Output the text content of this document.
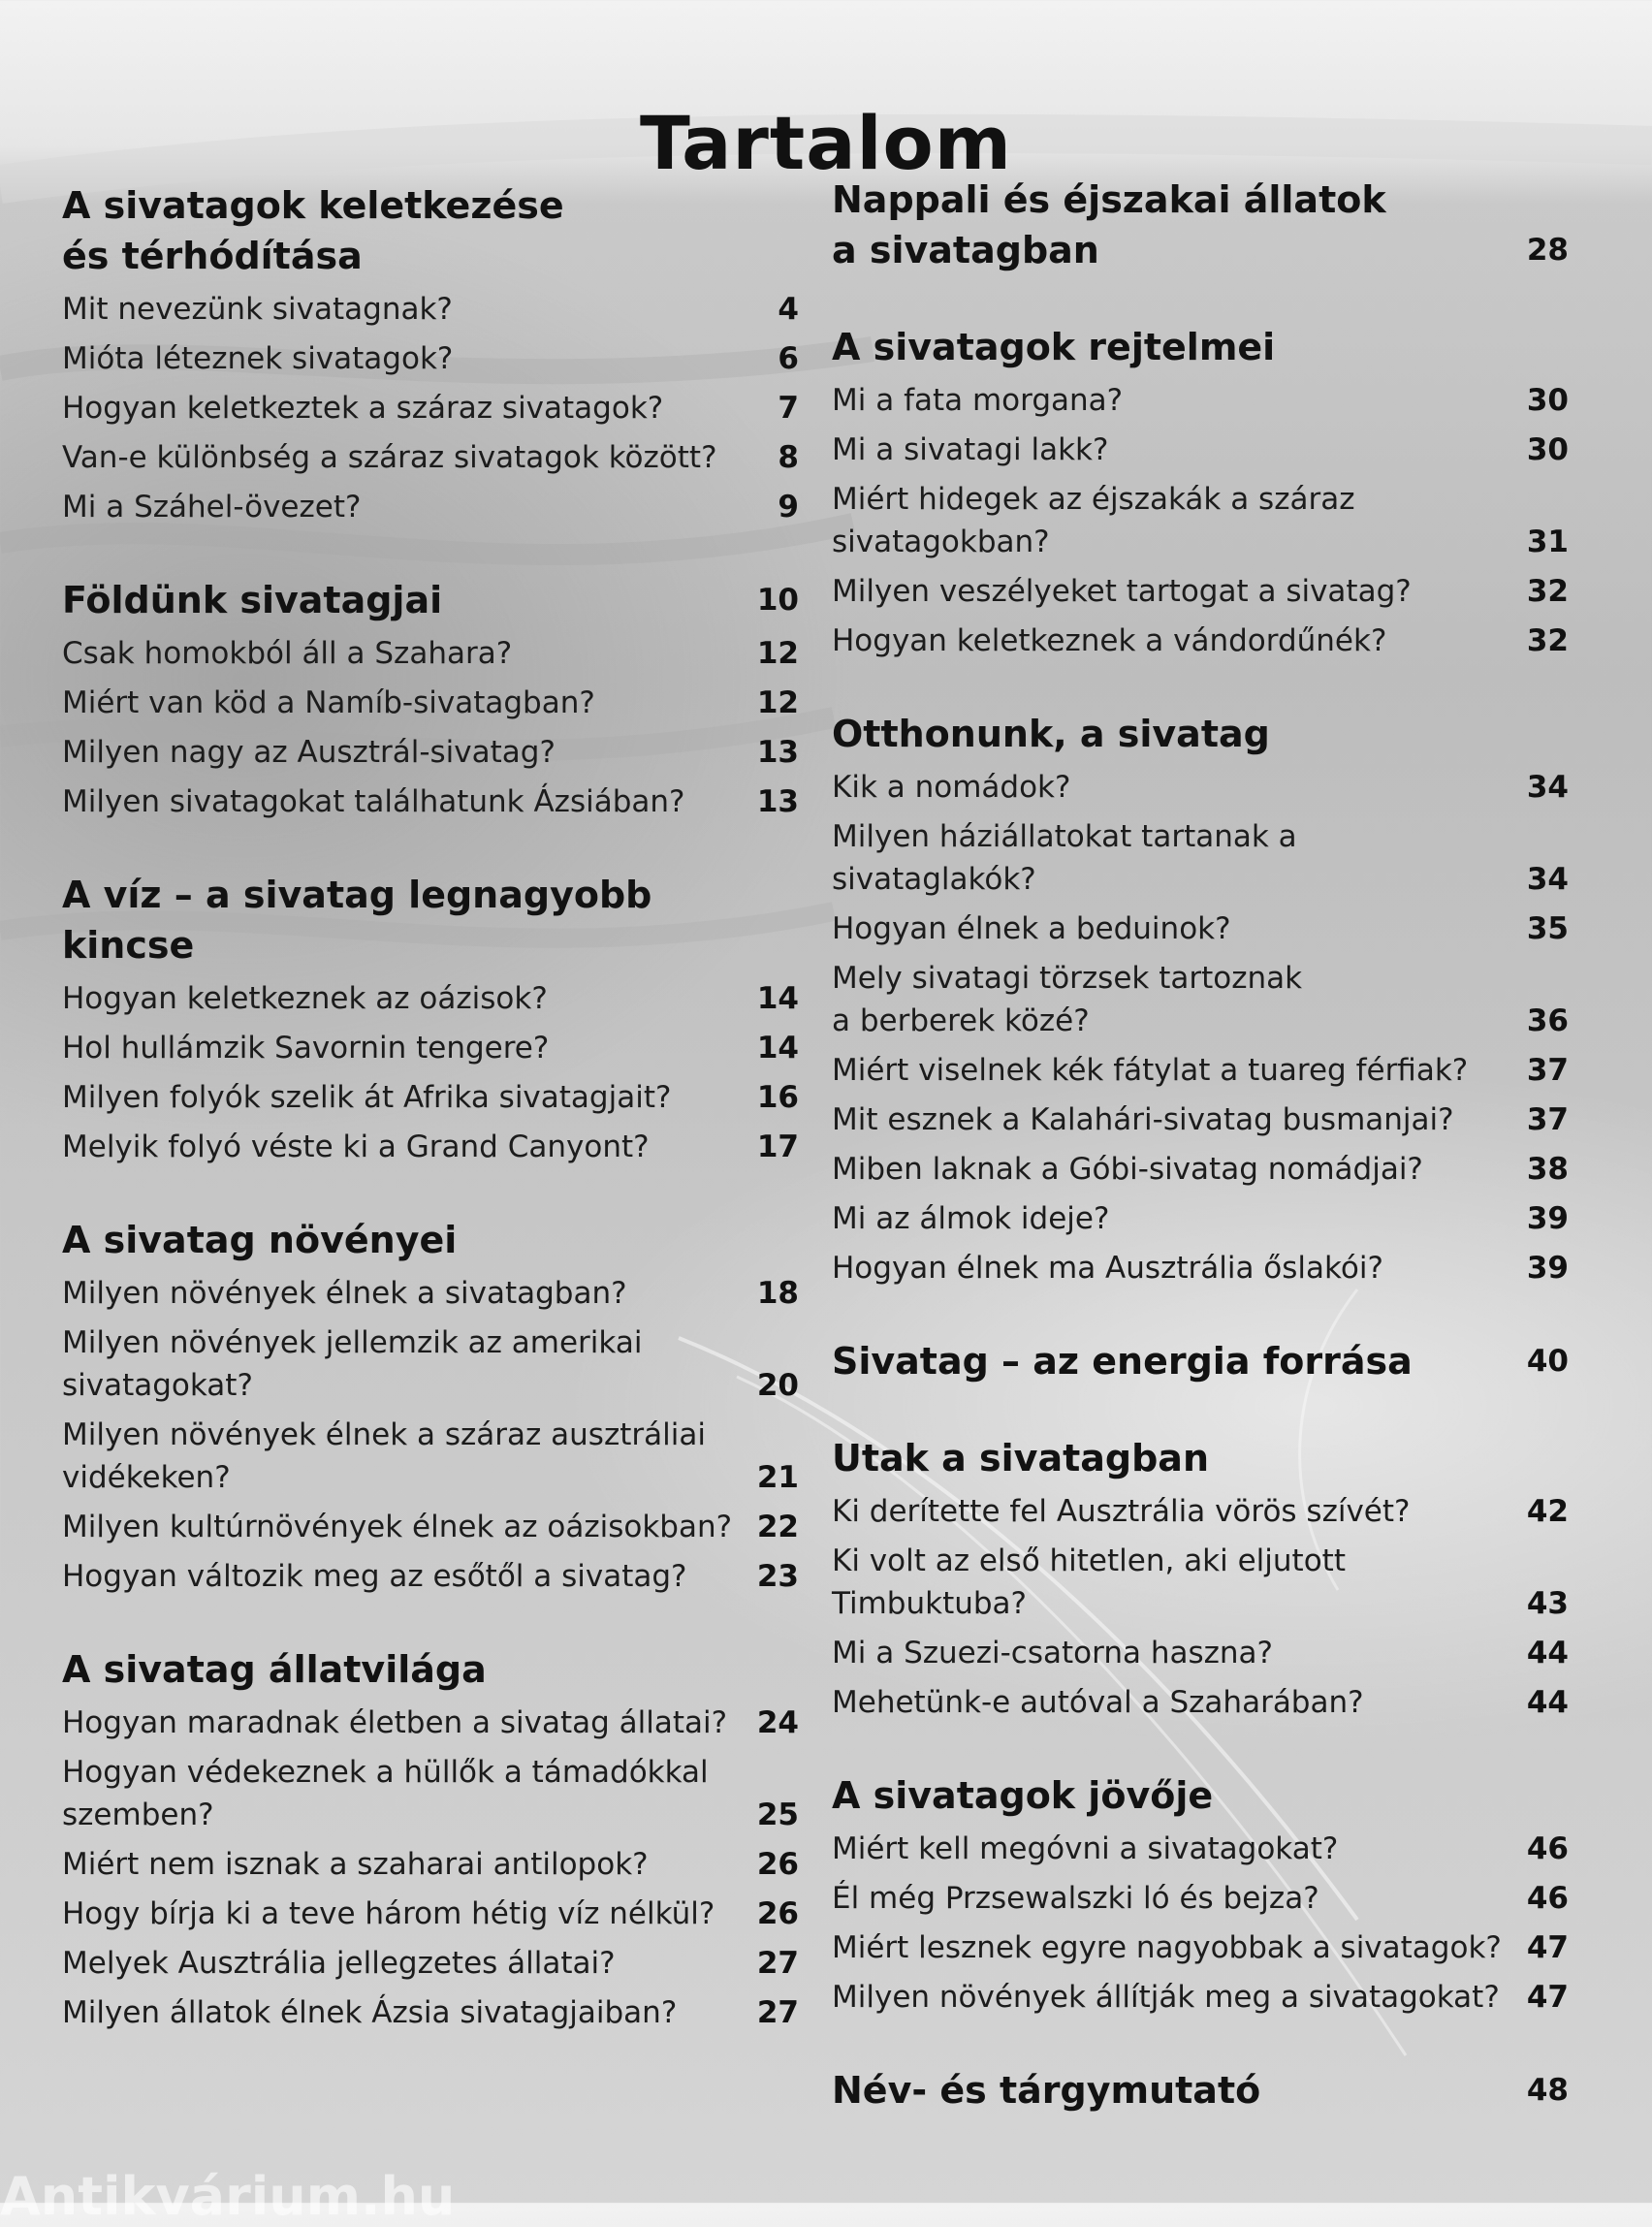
Tartalom
A sivatagok keletkezése
és térhódítása
Mit nevezünk sivatagnak?	4
Mióta léteznek sivatagok?	6
Hogyan keletkeztek a száraz sivatagok?	7
Van-e különbség a száraz sivatagok között?	8
Mi a Száhel-övezet?	9
Földünk sivatagjai	10
Csak homokból áll a Szahara?	12
Miért van köd a Namíb-sivatagban?	12
Milyen nagy az Ausztrál-sivatag?	13
Milyen sivatagokat találhatunk Ázsiában? 13
A víz – a sivatag legnagyobb kincse
Hogyan keletkeznek az oázisok?	14
Hol hullámzik Savornin tengere?	14
Milyen folyók szelik át Afrika sivatagjait?	16
Melyik folyó véste ki a Grand Canyont?	17
A sivatag növényei
Milyen növények élnek a sivatagban?	18
Milyen növények jellemzik az amerikai
sivatagokat?	20
Milyen növények élnek a száraz ausztráliai
vidékeken?	21
Milyen kultúrnövények élnek az oázisokban? 22
Hogyan változik meg az esőtől a sivatag? 23
A sivatag állatvilága
Hogyan maradnak életben a sivatag állatai? 24
Hogyan védekeznek a hüllők a támadókkal
szemben?	25
Miért nem isznak a szaharai antilopok?	26
Hogy bírja ki a teve három hétig víz nélkül? 26
Melyek Ausztrália jellegzetes állatai?	27
Milyen állatok élnek Ázsia sivatagjaiban?	27
Nappali és éjszakai állatok
a sivatagban	28
A sivatagok rejtelmei
Mi a fata morgana?	30
Mi a sivatagi lakk?	30
Miért hidegek az éjszakák a száraz
sivatagokban?	31
Milyen veszélyeket tartogat a sivatag?	32
Hogyan keletkeznek a vándordűnék?	32
Otthonunk, a sivatag
Kik a nomádok?	34
Milyen háziállatokat tartanak a sivataglakók?	34
Hogyan élnek a beduinok?	35
Mely sivatagi törzsek tartoznak
a berberek közé?	36
Miért viselnek kék fátylat a tuareg férfiak? 37
Mit esznek a Kalahári-sivatag busmanjai? 37
Miben laknak a Góbi-sivatag nomádjai?	38
Mi az álmok ideje?	39
Hogyan élnek ma Ausztrália őslakói?	39
Sivatag – az energia forrása	40
Utak a sivatagban
Ki derítette fel Ausztrália vörös szívét?	42
Ki volt az első hitetlen, aki eljutott
Timbuktuba?	43
Mi a Szuezi-csatorna haszna?	44
Mehetünk-e autóval a Szaharában?	44
A sivatagok jövője
Miért kell megóvni a sivatagokat?	46
Él még Przsewalszki ló és bejza?	46
Miért lesznek egyre nagyobbak a sivatagok? 47
Milyen növények állítják meg a sivatagokat? 47
Név- és tárgymutató	48
Antikvárium.hu
